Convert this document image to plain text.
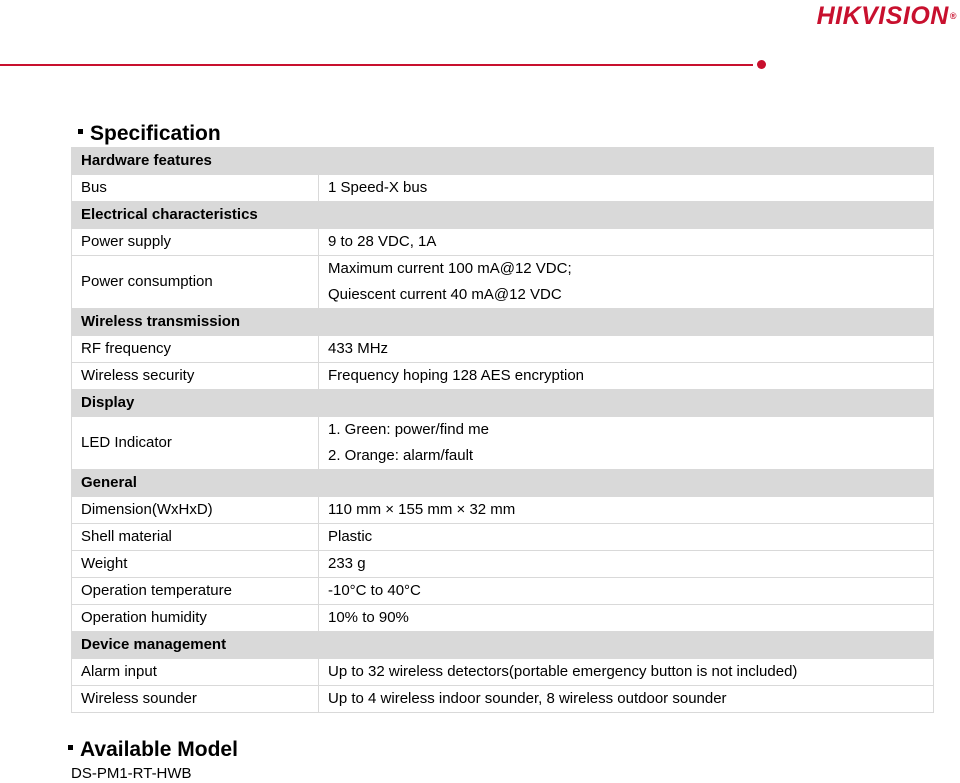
HIKVISION®
Specification
Hardware features	
Bus	1 Speed-X bus

Electrical characteristics	
Power supply	9 to 28 VDC, 1A

Power consumption	Maximum current 100 mA@12 VDC;
Quiescent current 40 mA@12 VDC

Wireless transmission	
RF frequency	433 MHz

Wireless security	Frequency hoping 128 AES encryption

Display	
LED Indicator	1. Green: power/find me
2. Orange: alarm/fault

General	
Dimension(WxHxD)	110 mm × 155 mm × 32 mm

Shell material	Plastic

Weight	233 g

Operation temperature	-10°C to 40°C

Operation humidity	10% to 90%

Device management	
Alarm input	Up to 32 wireless detectors(portable emergency button is not included)

Wireless sounder	Up to 4 wireless indoor sounder, 8 wireless outdoor sounder
Available Model
DS-PM1-RT-HWB
